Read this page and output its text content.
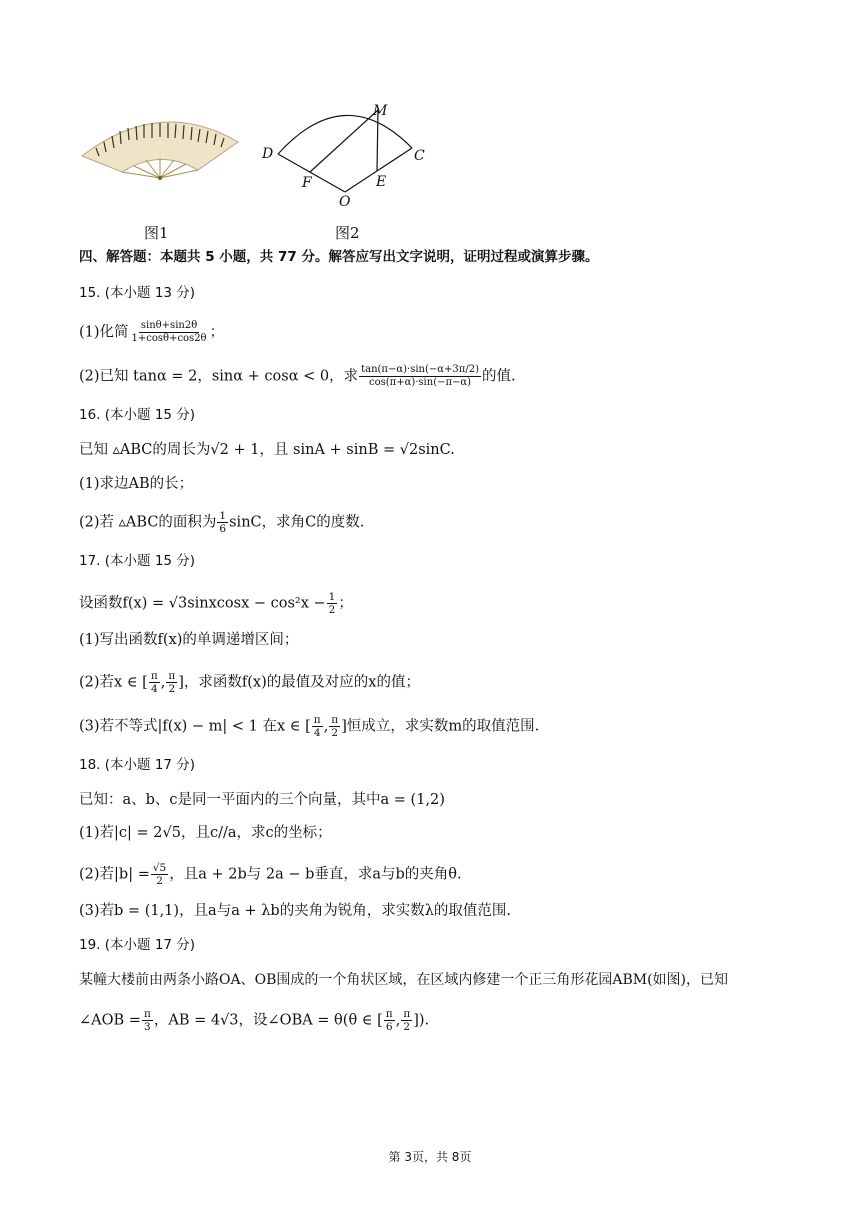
M
D	C
F	E
O
图1	图2
四、解答题：本题共 5 小题，共 77 分。解答应写出文字说明，证明过程或演算步骤。
15. (本小题 13 分)
(1)化简 $\frac{\sin\theta+\sin 2\theta}{1+\cos\theta+\cos 2\theta}$ ；
(2)已知 tanα = 2，sinα + cosα < 0，求 $\frac{\tan(\pi-\alpha)\cdot\sin(-\alpha+3\pi/2)}{\cos(\pi+\alpha)\cdot\sin(-\pi-\alpha)}$ 的值.
16. (本小题 15 分)
已知 ▵ABC的周长为√2 + 1，且 sinA + sinB = √2sinC.
(1)求边AB的长；
(2)若 ▵ABC的面积为 $\frac{1}{6}$ sinC，求角C的度数.
17. (本小题 15 分)
设函数f(x) = √3sinxcosx − $\cos^2x - \frac{1}{2}$ ；
(1)写出函数f(x)的单调递增区间；
(2)若x ∈ [ $\frac{\pi}{4}$ , $\frac{\pi}{2}$ ]，求函数f(x)的最值及对应的x的值；
(3)若不等式|f(x) − m| < 1 在x ∈ [ $\frac{\pi}{4}$ , $\frac{\pi}{2}$ ]恒成立，求实数m的取值范围.
18. (本小题 17 分)
已知：a、b、c是同一平面内的三个向量，其中a = (1,2)
(1)若|c| = 2√5，且c//a，求c的坐标；
(2)若$|b| = \frac{√5}{2}$ ，且a + 2b与 2a − b垂直，求a与b的夹角θ.
(3)若b = (1,1)，且a与a + λb的夹角为锐角，求实数λ的取值范围.
19. (本小题 17 分)
某幢大楼前由两条小路OA、OB围成的一个角状区域，在区域内修建一个正三角形花园ABM(如图)，已知
∠AOB = $\frac{\pi}{3}$ ，AB = 4√3，设∠OBA = θ(θ ∈ [ $\frac{\pi}{6}$ , $\frac{\pi}{2}$ ]).
第 3页，共 8页
